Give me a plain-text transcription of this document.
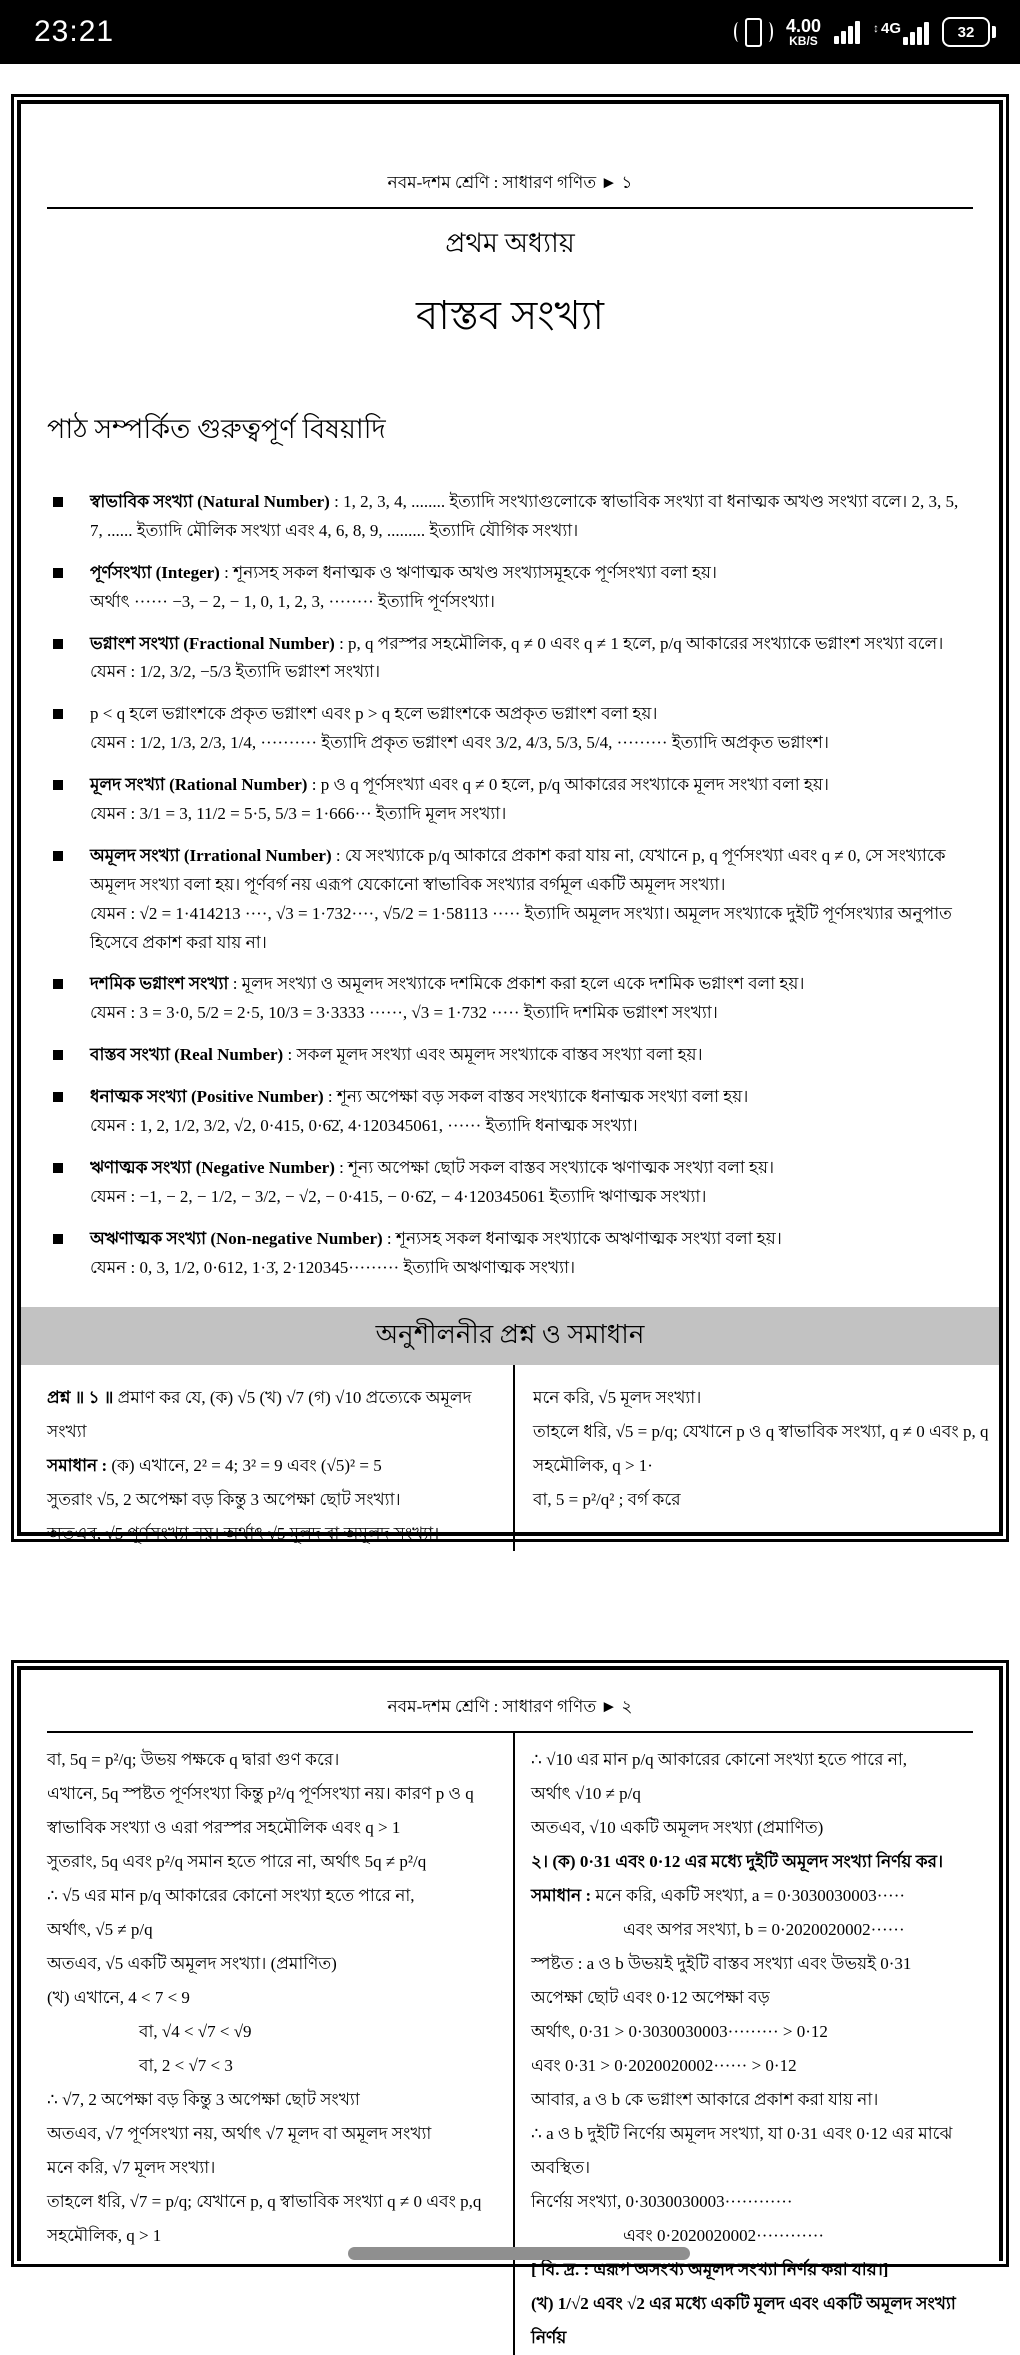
23:21	4.00
KB/S
↕ 4G	32
নবম-দশম শ্রেণি : সাধারণ গণিত ► ১
প্রথম অধ্যায়
বাস্তব সংখ্যা
পাঠ সম্পর্কিত গুরুত্বপূর্ণ বিষয়াদি
স্বাভাবিক সংখ্যা (Natural Number) : 1, 2, 3, 4, ........ ইত্যাদি সংখ্যাগুলোকে স্বাভাবিক সংখ্যা বা ধনাত্মক অখণ্ড সংখ্যা বলে। 2, 3, 5, 7, ...... ইত্যাদি মৌলিক সংখ্যা এবং 4, 6, 8, 9, ......... ইত্যাদি যৌগিক সংখ্যা।
পূর্ণসংখ্যা (Integer) : শূন্যসহ সকল ধনাত্মক ও ঋণাত্মক অখণ্ড সংখ্যাসমূহকে পূর্ণসংখ্যা বলা হয়।
অর্থাৎ ······ −3, − 2, − 1, 0, 1, 2, 3, ········ ইত্যাদি পূর্ণসংখ্যা।
ভগ্নাংশ সংখ্যা (Fractional Number) : p, q পরস্পর সহমৌলিক, q ≠ 0 এবং q ≠ 1 হলে, p/q আকারের সংখ্যাকে ভগ্নাংশ সংখ্যা বলে। যেমন : 1/2, 3/2, −5/3 ইত্যাদি ভগ্নাংশ সংখ্যা।
p < q হলে ভগ্নাংশকে প্রকৃত ভগ্নাংশ এবং p > q হলে ভগ্নাংশকে অপ্রকৃত ভগ্নাংশ বলা হয়।
যেমন : 1/2, 1/3, 2/3, 1/4, ·········· ইত্যাদি প্রকৃত ভগ্নাংশ এবং 3/2, 4/3, 5/3, 5/4, ········· ইত্যাদি অপ্রকৃত ভগ্নাংশ।
মূলদ সংখ্যা (Rational Number) : p ও q পূর্ণসংখ্যা এবং q ≠ 0 হলে, p/q আকারের সংখ্যাকে মূলদ সংখ্যা বলা হয়।
যেমন : 3/1 = 3, 11/2 = 5·5, 5/3 = 1·666··· ইত্যাদি মূলদ সংখ্যা।
অমূলদ সংখ্যা (Irrational Number) : যে সংখ্যাকে p/q আকারে প্রকাশ করা যায় না, যেখানে p, q পূর্ণসংখ্যা এবং q ≠ 0, সে সংখ্যাকে অমূলদ সংখ্যা বলা হয়। পূর্ণবর্গ নয় এরূপ যেকোনো স্বাভাবিক সংখ্যার বর্গমূল একটি অমূলদ সংখ্যা।
যেমন : √2 = 1·414213 ····, √3 = 1·732····, √5/2 = 1·58113 ····· ইত্যাদি অমূলদ সংখ্যা। অমূলদ সংখ্যাকে দুইটি পূর্ণসংখ্যার অনুপাত হিসেবে প্রকাশ করা যায় না।
দশমিক ভগ্নাংশ সংখ্যা : মূলদ সংখ্যা ও অমূলদ সংখ্যাকে দশমিকে প্রকাশ করা হলে একে দশমিক ভগ্নাংশ বলা হয়।
যেমন : 3 = 3·0, 5/2 = 2·5, 10/3 = 3·3333 ······, √3 = 1·732 ····· ইত্যাদি দশমিক ভগ্নাংশ সংখ্যা।
বাস্তব সংখ্যা (Real Number) : সকল মূলদ সংখ্যা এবং অমূলদ সংখ্যাকে বাস্তব সংখ্যা বলা হয়।
ধনাত্মক সংখ্যা (Positive Number) : শূন্য অপেক্ষা বড় সকল বাস্তব সংখ্যাকে ধনাত্মক সংখ্যা বলা হয়।
যেমন : 1, 2, 1/2, 3/2, √2, 0·415, 0·6̇2̇, 4·120345061, ······ ইত্যাদি ধনাত্মক সংখ্যা।
ঋণাত্মক সংখ্যা (Negative Number) : শূন্য অপেক্ষা ছোট সকল বাস্তব সংখ্যাকে ঋণাত্মক সংখ্যা বলা হয়।
যেমন : −1, − 2, − 1/2, − 3/2, − √2, − 0·415, − 0·6̇2̇, − 4·120345061 ইত্যাদি ঋণাত্মক সংখ্যা।
অঋণাত্মক সংখ্যা (Non-negative Number) : শূন্যসহ সকল ধনাত্মক সংখ্যাকে অঋণাত্মক সংখ্যা বলা হয়।
যেমন : 0, 3, 1/2, 0·612, 1·3̇, 2·120345········· ইত্যাদি অঋণাত্মক সংখ্যা।
অনুশীলনীর প্রশ্ন ও সমাধান
প্রশ্ন ॥ ১ ॥ প্রমাণ কর যে, (ক) √5 (খ) √7 (গ) √10 প্রত্যেকে অমূলদ সংখ্যা
সমাধান : (ক) এখানে, 2² = 4; 3² = 9 এবং (√5)² = 5
সুতরাং √5, 2 অপেক্ষা বড় কিন্তু 3 অপেক্ষা ছোট সংখ্যা।
অতএব, √5 পূর্ণসংখ্যা নয়। অর্থাৎ √5 মূলদ বা অমূলদ সংখ্যা।
মনে করি, √5 মূলদ সংখ্যা।
তাহলে ধরি, √5 = p/q; যেখানে p ও q স্বাভাবিক সংখ্যা, q ≠ 0 এবং p, q
সহমৌলিক, q > 1·
বা, 5 = p²/q² ; বর্গ করে
নবম-দশম শ্রেণি : সাধারণ গণিত ► ২
বা, 5q = p²/q; উভয় পক্ষকে q দ্বারা গুণ করে।
এখানে, 5q স্পষ্টত পূর্ণসংখ্যা কিন্তু p²/q পূর্ণসংখ্যা নয়। কারণ p ও q
স্বাভাবিক সংখ্যা ও এরা পরস্পর সহমৌলিক এবং q > 1
সুতরাং, 5q এবং p²/q সমান হতে পারে না, অর্থাৎ 5q ≠ p²/q
∴ √5 এর মান p/q আকারের কোনো সংখ্যা হতে পারে না,
অর্থাৎ, √5 ≠ p/q
অতএব, √5 একটি অমূলদ সংখ্যা। (প্রমাণিত)
(খ) এখানে, 4 < 7 < 9
বা, √4 < √7 < √9
বা, 2 < √7 < 3
∴ √7, 2 অপেক্ষা বড় কিন্তু 3 অপেক্ষা ছোট সংখ্যা
অতএব, √7 পূর্ণসংখ্যা নয়, অর্থাৎ √7 মূলদ বা অমূলদ সংখ্যা
মনে করি, √7 মূলদ সংখ্যা।
তাহলে ধরি, √7 = p/q; যেখানে p, q স্বাভাবিক সংখ্যা q ≠ 0 এবং p,q
সহমৌলিক, q > 1
∴ √10 এর মান p/q আকারের কোনো সংখ্যা হতে পারে না,
অর্থাৎ √10 ≠ p/q
অতএব, √10 একটি অমূলদ সংখ্যা (প্রমাণিত)
২। (ক) 0·31 এবং 0·12 এর মধ্যে দুইটি অমূলদ সংখ্যা নির্ণয় কর।
সমাধান : মনে করি, একটি সংখ্যা, a = 0·3030030003·····
এবং অপর সংখ্যা, b = 0·2020020002······
স্পষ্টত : a ও b উভয়ই দুইটি বাস্তব সংখ্যা এবং উভয়ই 0·31
অপেক্ষা ছোট এবং 0·12 অপেক্ষা বড়
অর্থাৎ, 0·31 > 0·3030030003········· > 0·12
এবং 0·31 > 0·2020020002······ > 0·12
আবার, a ও b কে ভগ্নাংশ আকারে প্রকাশ করা যায় না।
∴ a ও b দুইটি নির্ণেয় অমূলদ সংখ্যা, যা 0·31 এবং 0·12 এর মাঝে
অবস্থিত।
নির্ণেয় সংখ্যা, 0·3030030003············
এবং 0·2020020002············
[ বি. দ্র. : এরূপ অসংখ্য অমূলদ সংখ্যা নির্ণয় করা যায়।]
(খ) 1/√2 এবং √2 এর মধ্যে একটি মূলদ এবং একটি অমূলদ সংখ্যা নির্ণয়
